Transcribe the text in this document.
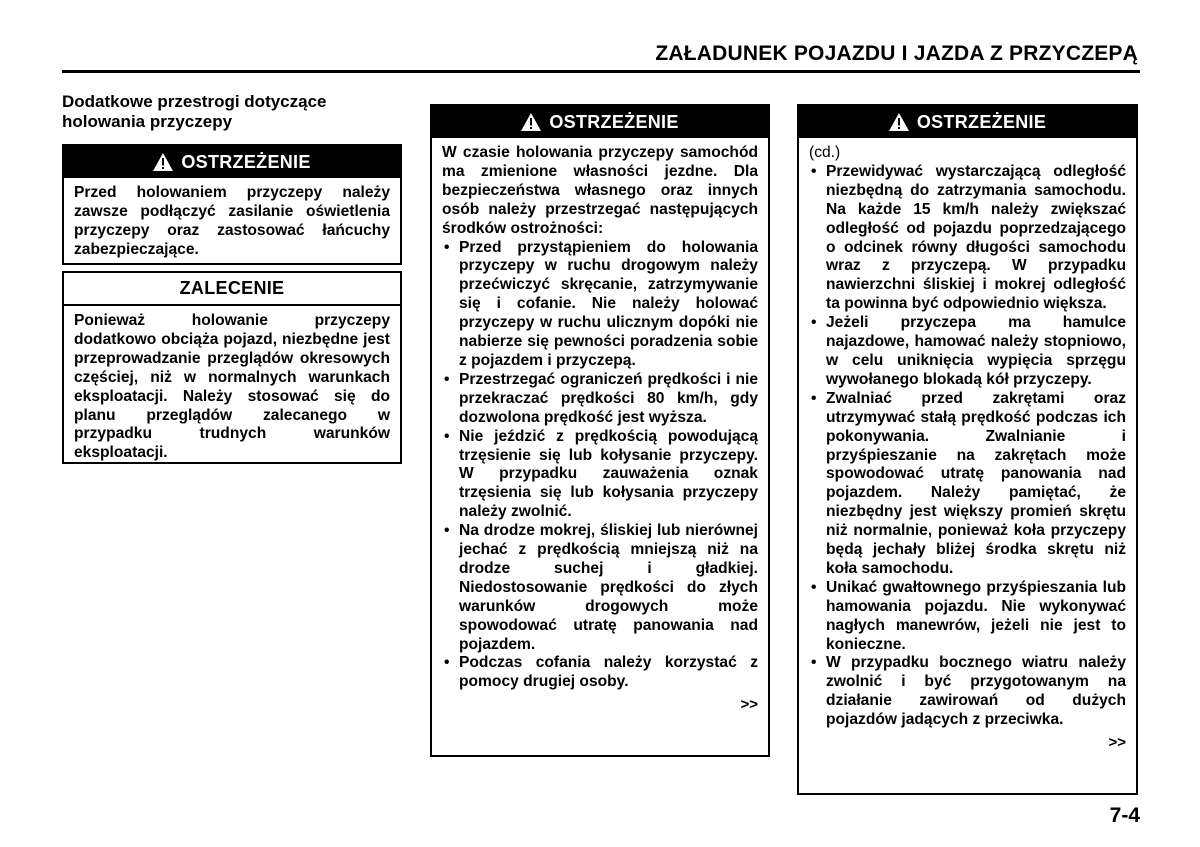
ZAŁADUNEK POJAZDU I JAZDA Z PRZYCZEPĄ
Dodatkowe przestrogi dotyczące holowania przyczepy
OSTRZEŻENIE

Przed holowaniem przyczepy należy zawsze podłączyć zasilanie oświetlenia przyczepy oraz zastosować łańcuchy zabezpieczające.

ZALECENIE

Ponieważ holowanie przyczepy dodatkowo obciąża pojazd, niezbędne jest przeprowadzanie przeglądów okresowych częściej, niż w normalnych warunkach eksploatacji. Należy stosować się do planu przeglądów zalecanego w przypadku trudnych warunków eksploatacji.

OSTRZEŻENIE

W czasie holowania przyczepy samochód ma zmienione własności jezdne. Dla bezpieczeństwa własnego oraz innych osób należy przestrzegać następujących środków ostrożności:

• Przed przystąpieniem do holowania przyczepy w ruchu drogowym należy przećwiczyć skręcanie, zatrzymywanie się i cofanie. Nie należy holować przyczepy w ruchu ulicznym dopóki nie nabierze się pewności poradzenia sobie z pojazdem i przyczepą.
• Przestrzegać ograniczeń prędkości i nie przekraczać prędkości 80 km/h, gdy dozwolona prędkość jest wyższa.
• Nie jeździć z prędkością powodującą trzęsienie się lub kołysanie przyczepy. W przypadku zauważenia oznak trzęsienia się lub kołysania przyczepy należy zwolnić.
• Na drodze mokrej, śliskiej lub nierównej jechać z prędkością mniejszą niż na drodze suchej i gładkiej. Niedostosowanie prędkości do złych warunków drogowych może spowodować utratę panowania nad pojazdem.
• Podczas cofania należy korzystać z pomocy drugiej osoby.
>>
OSTRZEŻENIE

(cd.)

• Przewidywać wystarczającą odległość niezbędną do zatrzymania samochodu. Na każde 15 km/h należy zwiększać odległość od pojazdu poprzedzającego o odcinek równy długości samochodu wraz z przyczepą. W przypadku nawierzchni śliskiej i mokrej odległość ta powinna być odpowiednio większa.
• Jeżeli przyczepa ma hamulce najazdowe, hamować należy stopniowo, w celu uniknięcia wypięcia sprzęgu wywołanego blokadą kół przyczepy.
• Zwalniać przed zakrętami oraz utrzymywać stałą prędkość podczas ich pokonywania. Zwalnianie i przyśpieszanie na zakrętach może spowodować utratę panowania nad pojazdem. Należy pamiętać, że niezbędny jest większy promień skrętu niż normalnie, ponieważ koła przyczepy będą jechały bliżej środka skrętu niż koła samochodu.
• Unikać gwałtownego przyśpieszania lub hamowania pojazdu. Nie wykonywać nagłych manewrów, jeżeli nie jest to konieczne.
• W przypadku bocznego wiatru należy zwolnić i być przygotowanym na działanie zawirowań od dużych pojazdów jadących z przeciwka.
>>
7-4
